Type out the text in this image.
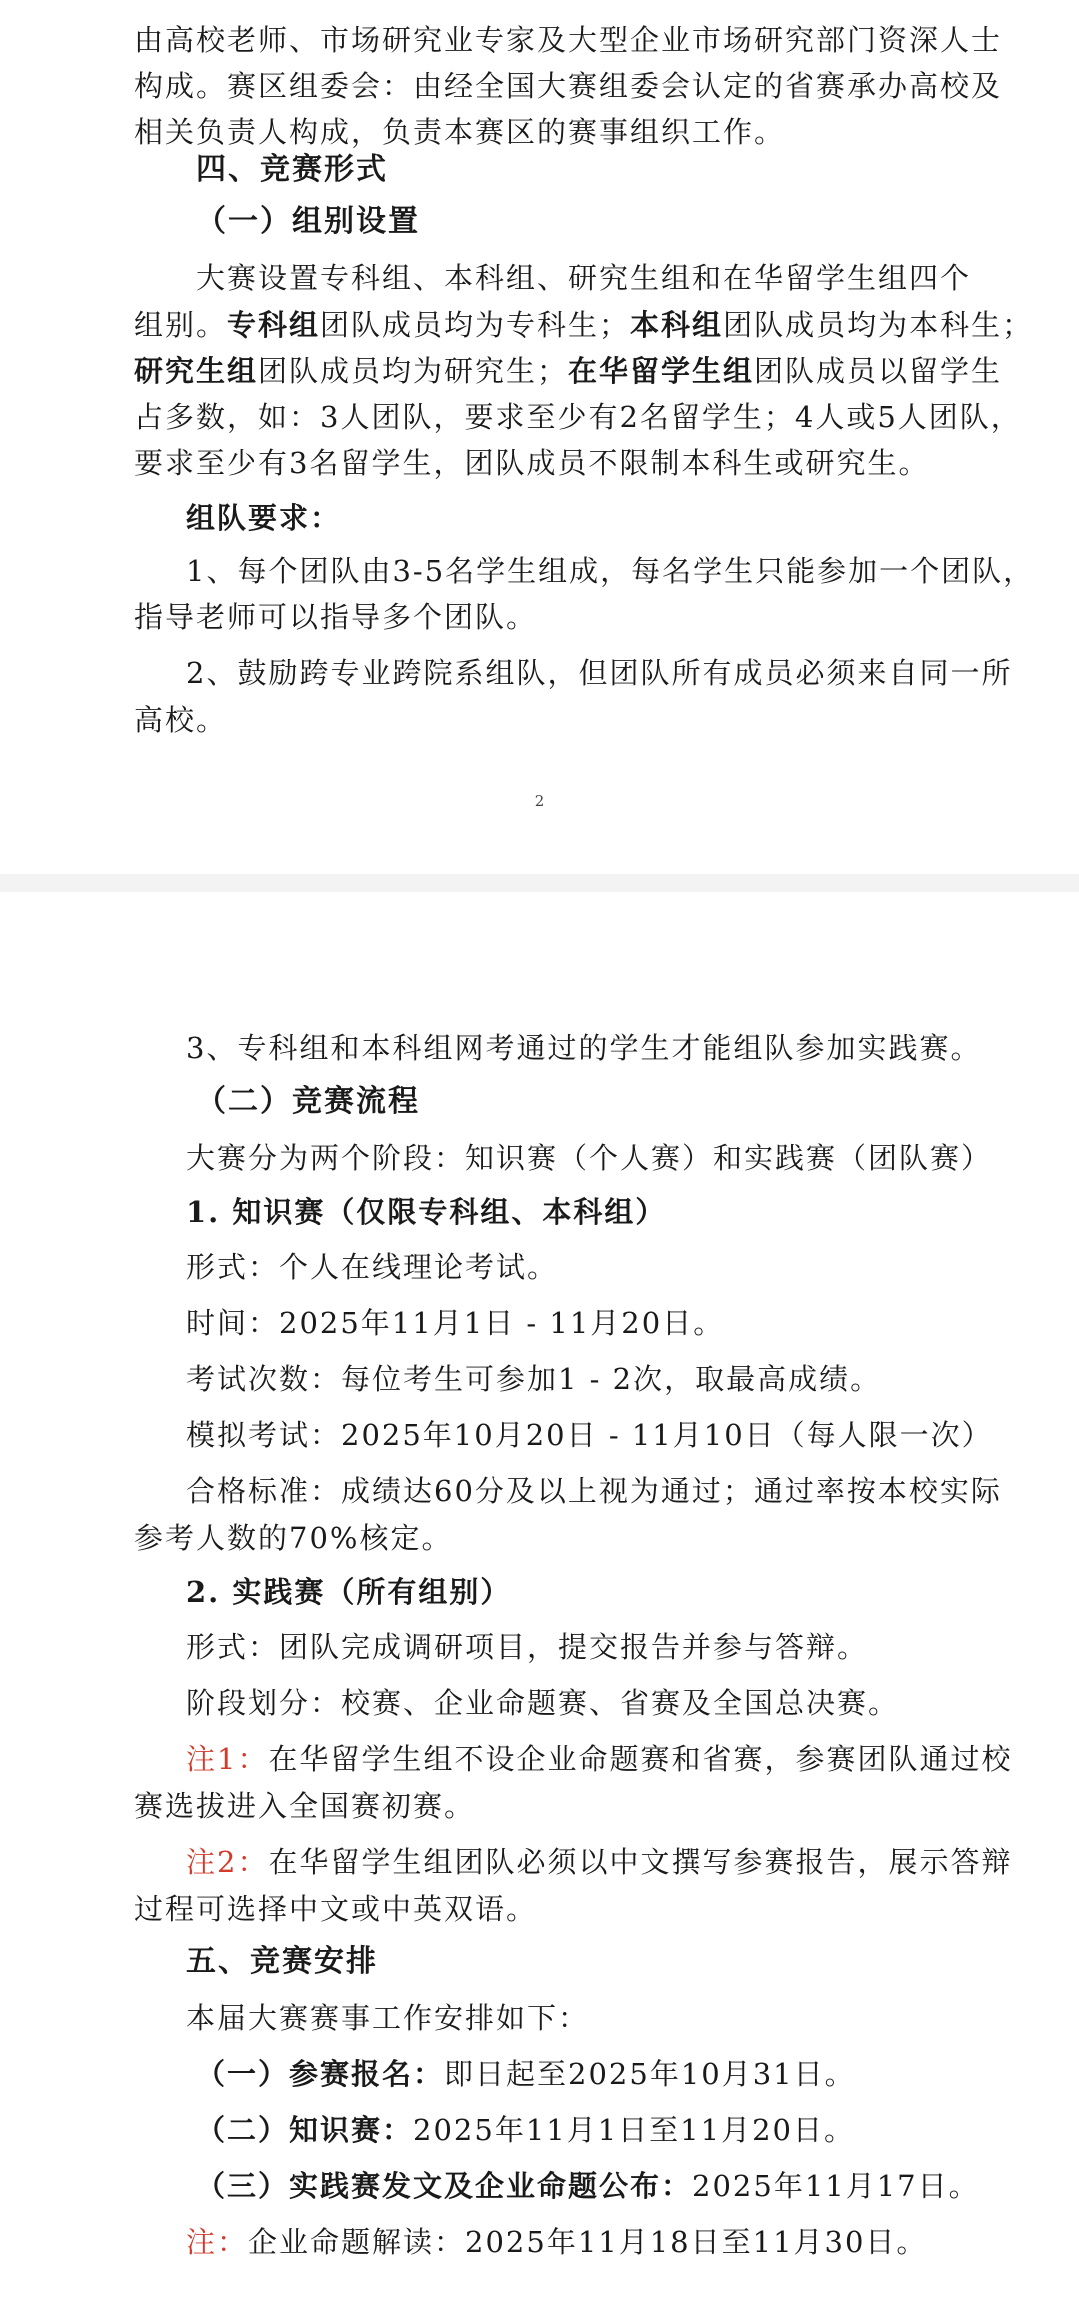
由高校老师、市场研究业专家及大型企业市场研究部门资深人士

构成。赛区组委会：由经全国大赛组委会认定的省赛承办高校及

相关负责人构成，负责本赛区的赛事组织工作。

四、竞赛形式

（一）组别设置

大赛设置专科组、本科组、研究生组和在华留学生组四个

组别。专科组团队成员均为专科生；本科组团队成员均为本科生；

研究生组团队成员均为研究生；在华留学生组团队成员以留学生

占多数，如：3人团队，要求至少有2名留学生；4人或5人团队，

要求至少有3名留学生，团队成员不限制本科生或研究生。

组队要求：

1、每个团队由3-5名学生组成，每名学生只能参加一个团队，

指导老师可以指导多个团队。

2、鼓励跨专业跨院系组队，但团队所有成员必须来自同一所

高校。

2

3、专科组和本科组网考通过的学生才能组队参加实践赛。

（二）竞赛流程

大赛分为两个阶段：知识赛（个人赛）和实践赛（团队赛）

1. 知识赛（仅限专科组、本科组）

形式：个人在线理论考试。

时间：2025年11月1日 - 11月20日。

考试次数：每位考生可参加1 - 2次，取最高成绩。

模拟考试：2025年10月20日 - 11月10日（每人限一次）

合格标准：成绩达60分及以上视为通过；通过率按本校实际

参考人数的70%核定。

2. 实践赛（所有组别）

形式：团队完成调研项目，提交报告并参与答辩。

阶段划分：校赛、企业命题赛、省赛及全国总决赛。

注1：在华留学生组不设企业命题赛和省赛，参赛团队通过校

赛选拔进入全国赛初赛。

注2：在华留学生组团队必须以中文撰写参赛报告，展示答辩

过程可选择中文或中英双语。

五、竞赛安排

本届大赛赛事工作安排如下：

（一）参赛报名：即日起至2025年10月31日。

（二）知识赛：2025年11月1日至11月20日。

（三）实践赛发文及企业命题公布：2025年11月17日。

注：企业命题解读：2025年11月18日至11月30日。
